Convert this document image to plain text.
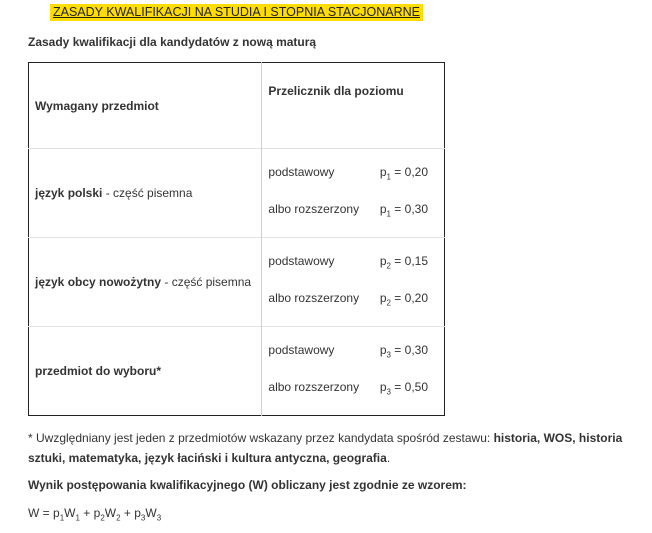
ZASADY KWALIFIKACJI NA STUDIA I STOPNIA STACJONARNE
Zasady kwalifikacji dla kandydatów z nową maturą
Wymagany przedmiot	Przelicznik dla poziomu

język polski - część pisemna	podstawowy $p_1 = 0,20$
albo rozszerzony $p_1 = 0,30$

język obcy nowożytny - część pisemna	podstawowy $p_2 = 0,15$
albo rozszerzony $p_2 = 0,20$

przedmiot do wyboru*	podstawowy $p_3 = 0,30$
albo rozszerzony $p_3 = 0,50$
* Uwzględniany jest jeden z przedmiotów wskazany przez kandydata spośród zestawu: historia, WOS, historia sztuki, matematyka, język łaciński i kultura antyczna, geografia.
Wynik postępowania kwalifikacyjnego (W) obliczany jest zgodnie ze wzorem:
$W = p_1W_1 + p_2W_2 + p_3W_3$
